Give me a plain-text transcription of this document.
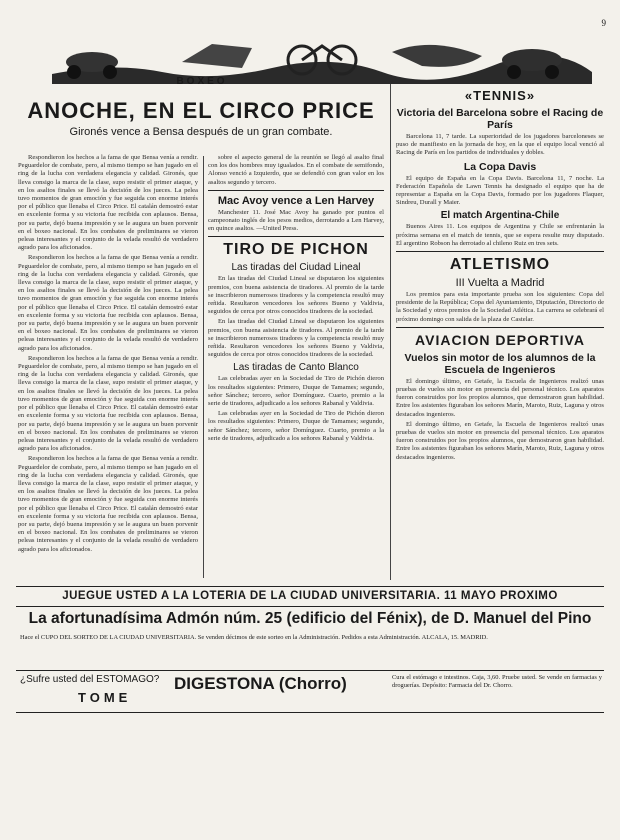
9
BOXEO
ANOCHE, EN EL CIRCO PRICE
Gironés vence a Bensa después de un gran combate.

Respondieron los hechos a la fama de que Bensa venía a rendir. Peguardelor de combate, pero, al mismo tiempo se han jugado en el ring de la lucha con verdadera elegancia y calidad. Gironés, que lleva consigo la marca de la clase, supo resistir el primer ataque, y en los asaltos finales se llevó la decisión de los jueces. La pelea tuvo momentos de gran emoción y fue seguida con enorme interés por el público que llenaba el Circo Price. El catalán demostró estar en excelente forma y su victoria fue recibida con aplausos. Bensa, por su parte, dejó buena impresión y se le augura un buen porvenir en el boxeo nacional. En los combates de preliminares se vieron peleas interesantes y el conjunto de la velada resultó de verdadero agrado para los aficionados.

Respondieron los hechos a la fama de que Bensa venía a rendir. Peguardelor de combate, pero, al mismo tiempo se han jugado en el ring de la lucha con verdadera elegancia y calidad. Gironés, que lleva consigo la marca de la clase, supo resistir el primer ataque, y en los asaltos finales se llevó la decisión de los jueces. La pelea tuvo momentos de gran emoción y fue seguida con enorme interés por el público que llenaba el Circo Price. El catalán demostró estar en excelente forma y su victoria fue recibida con aplausos. Bensa, por su parte, dejó buena impresión y se le augura un buen porvenir en el boxeo nacional. En los combates de preliminares se vieron peleas interesantes y el conjunto de la velada resultó de verdadero agrado para los aficionados.

Respondieron los hechos a la fama de que Bensa venía a rendir. Peguardelor de combate, pero, al mismo tiempo se han jugado en el ring de la lucha con verdadera elegancia y calidad. Gironés, que lleva consigo la marca de la clase, supo resistir el primer ataque, y en los asaltos finales se llevó la decisión de los jueces. La pelea tuvo momentos de gran emoción y fue seguida con enorme interés por el público que llenaba el Circo Price. El catalán demostró estar en excelente forma y su victoria fue recibida con aplausos. Bensa, por su parte, dejó buena impresión y se le augura un buen porvenir en el boxeo nacional. En los combates de preliminares se vieron peleas interesantes y el conjunto de la velada resultó de verdadero agrado para los aficionados.

Respondieron los hechos a la fama de que Bensa venía a rendir. Peguardelor de combate, pero, al mismo tiempo se han jugado en el ring de la lucha con verdadera elegancia y calidad. Gironés, que lleva consigo la marca de la clase, supo resistir el primer ataque, y en los asaltos finales se llevó la decisión de los jueces. La pelea tuvo momentos de gran emoción y fue seguida con enorme interés por el público que llenaba el Circo Price. El catalán demostró estar en excelente forma y su victoria fue recibida con aplausos. Bensa, por su parte, dejó buena impresión y se le augura un buen porvenir en el boxeo nacional. En los combates de preliminares se vieron peleas interesantes y el conjunto de la velada resultó de verdadero agrado para los aficionados.

sobre el aspecto general de la reunión se llegó al asalto final con los dos hombres muy igualados. En el combate de semifondo, Alonso venció a Izquierdo, que se defendió con gran valor en los asaltos segundo y tercero.

Mac Avoy vence a Len Harvey

Manchester 11. José Mac Avoy ha ganado por puntos el campeonato inglés de los pesos medios, derrotando a Len Harvey, en quince asaltos. —United Press.

TIRO DE PICHON
Las tiradas del Ciudad Lineal

En las tiradas del Ciudad Lineal se disputaron los siguientes premios, con buena asistencia de tiradores. Al premio de la tarde se inscribieron numerosos tiradores y la competencia resultó muy reñida. Resultaron vencedores los señores Bueno y Valdivia, seguidos de cerca por otros conocidos tiradores de la sociedad.

En las tiradas del Ciudad Lineal se disputaron los siguientes premios, con buena asistencia de tiradores. Al premio de la tarde se inscribieron numerosos tiradores y la competencia resultó muy reñida. Resultaron vencedores los señores Bueno y Valdivia, seguidos de cerca por otros conocidos tiradores de la sociedad.

Las tiradas de Canto Blanco

Las celebradas ayer en la Sociedad de Tiro de Pichón dieron los resultados siguientes: Primero, Duque de Tamames; segundo, señor Sánchez; tercero, señor Domínguez. Cuarto, premio a la serie de tiradores, adjudicado a los señores Rabanal y Valdivia.

Las celebradas ayer en la Sociedad de Tiro de Pichón dieron los resultados siguientes: Primero, Duque de Tamames; segundo, señor Sánchez; tercero, señor Domínguez. Cuarto, premio a la serie de tiradores, adjudicado a los señores Rabanal y Valdivia.

«TENNIS»
Victoria del Barcelona sobre el Racing de París

Barcelona 11, 7 tarde. La superioridad de los jugadores barceloneses se puso de manifiesto en la jornada de hoy, en la que el equipo local venció al Racing de París en los partidos de individuales y dobles.

La Copa Davis

El equipo de España en la Copa Davis. Barcelona 11, 7 noche. La Federación Española de Lawn Tennis ha designado el equipo que ha de representar a España en la Copa Davis, formado por los jugadores Flaquer, Sindreu, Durall y Maier.

El match Argentina-Chile

Buenos Aires 11. Los equipos de Argentina y Chile se enfrentarán la próxima semana en el match de tennis, que se espera resulte muy disputado. El argentino Robson ha derrotado al chileno Ruiz en tres sets.

ATLETISMO
III Vuelta a Madrid

Los premios para esta importante prueba son los siguientes: Copa del presidente de la República; Copa del Ayuntamiento, Diputación, Directorio de la Sociedad y otros premios de la Sociedad Atlética. La carrera se celebrará el próximo domingo con salida de la plaza de Castelar.

AVIACION DEPORTIVA
Vuelos sin motor de los alumnos de la Escuela de Ingenieros

El domingo último, en Getafe, la Escuela de Ingenieros realizó unas pruebas de vuelos sin motor en presencia del personal técnico. Los aparatos fueron construidos por los propios alumnos, que demostraron gran habilidad. Entre los asistentes figuraban los señores Marín, Maroto, Ruiz, Laguna y otros destacados ingenieros.

El domingo último, en Getafe, la Escuela de Ingenieros realizó unas pruebas de vuelos sin motor en presencia del personal técnico. Los aparatos fueron construidos por los propios alumnos, que demostraron gran habilidad. Entre los asistentes figuraban los señores Marín, Maroto, Ruiz, Laguna y otros destacados ingenieros.

JUEGUE USTED A LA LOTERIA DE LA CIUDAD UNIVERSITARIA. 11 MAYO PROXIMO
La afortunadísima Admón núm. 25 (edificio del Fénix), de D. Manuel del Pino
Hace el CUPO DEL SORTEO DE LA CIUDAD UNIVERSITARIA. Se venden décimos de este sorteo en la Administración. Pedidos a esta Administración. ALCALA, 15. MADRID.
¿Sufre usted del ESTOMAGO?
TOME
DIGESTONA (Chorro)	Cura el estómago e intestinos. Caja, 3,60. Pruebe usted. Se vende en farmacias y droguerías. Depósito: Farmacia del Dr. Chorro.
